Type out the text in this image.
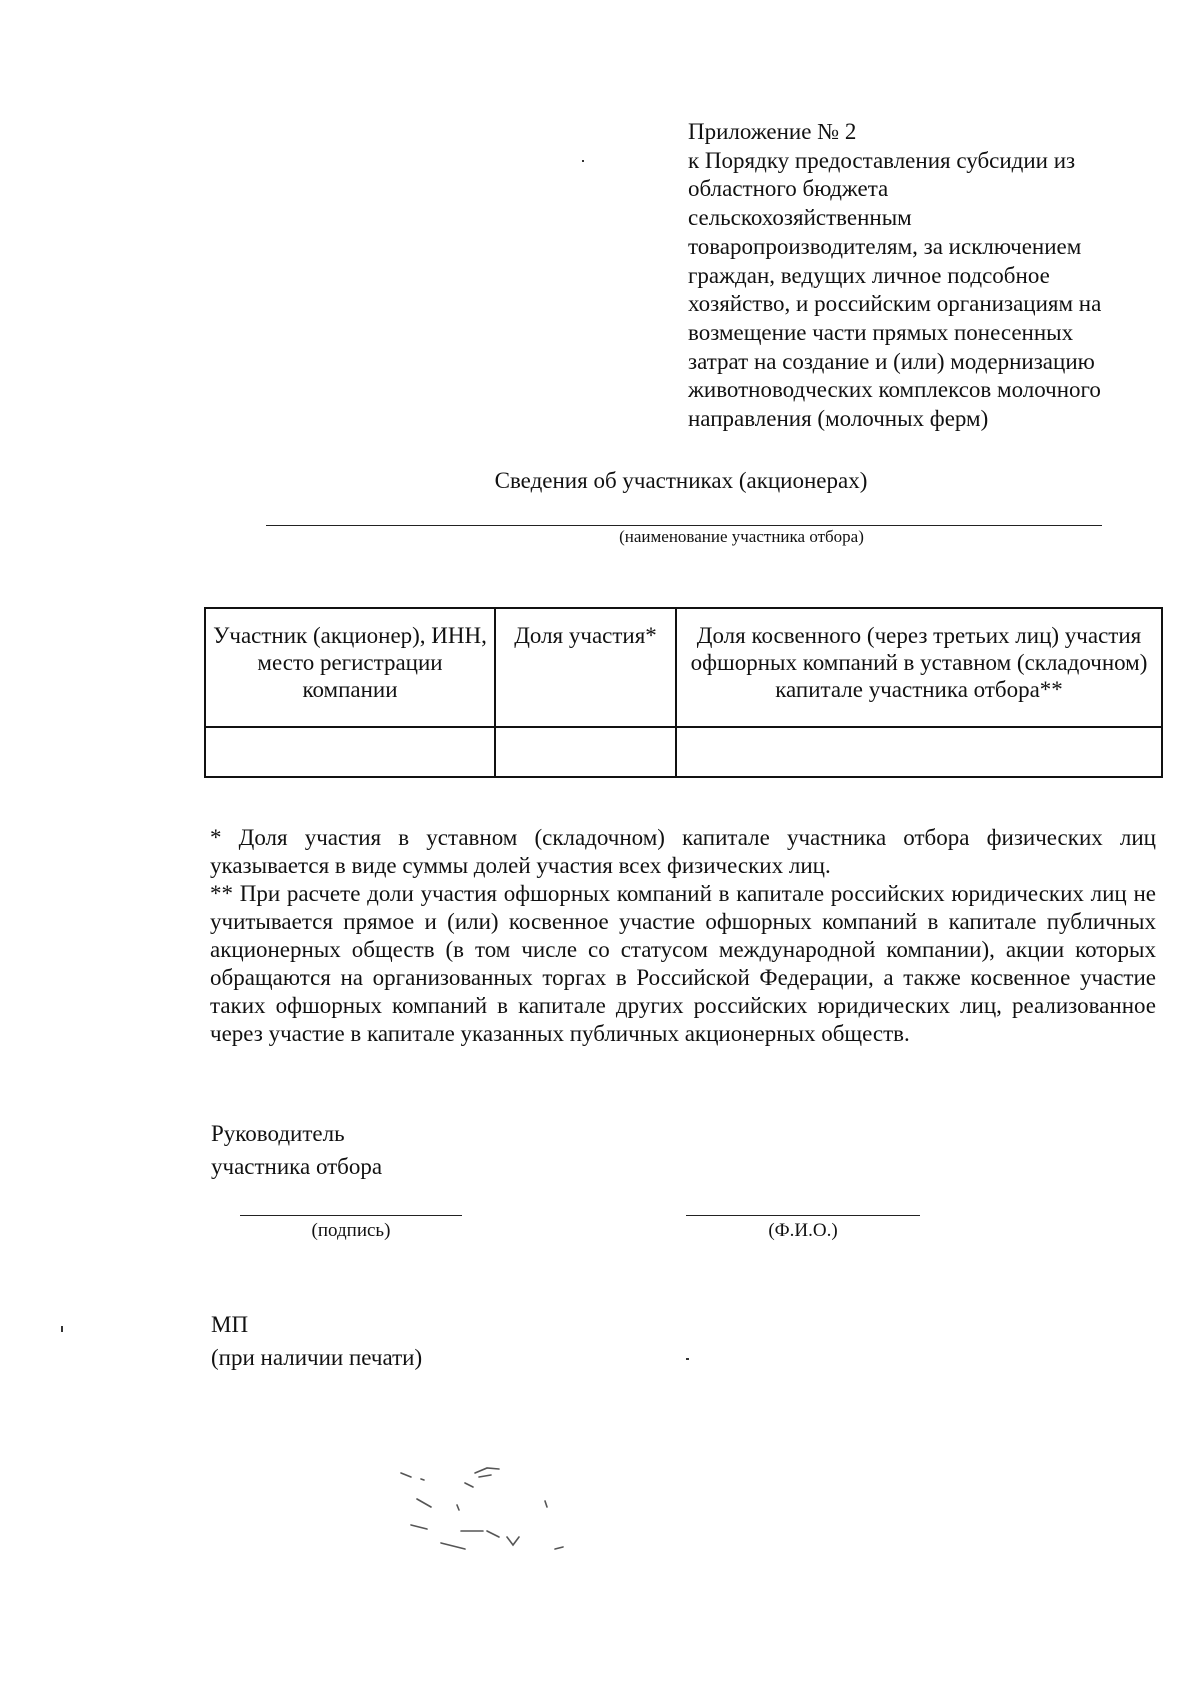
Приложение № 2
к Порядку предоставления субсидии из
областного бюджета
сельскохозяйственным
товаропроизводителям, за исключением
граждан, ведущих личное подсобное
хозяйство, и российским организациям на
возмещение части прямых понесенных
затрат на создание и (или) модернизацию
животноводческих комплексов молочного
направления (молочных ферм)
Сведения об участниках (акционерах)
(наименование участника отбора)
Участник (акционер), ИНН, место регистрации компании	Доля участия*	Доля косвенного (через третьих лиц) участия офшорных компаний в уставном (складочном) капитале участника отбора**

* Доля участия в уставном (складочном) капитале участника отбора физических лиц указывается в виде суммы долей участия всех физических лиц.

** При расчете доли участия офшорных компаний в капитале российских юридических лиц не учитывается прямое и (или) косвенное участие офшорных компаний в капитале публичных акционерных обществ (в том числе со статусом международной компании), акции которых обращаются на организованных торгах в Российской Федерации, а также косвенное участие таких офшорных компаний в капитале других российских юридических лиц, реализованное через участие в капитале указанных публичных акционерных обществ.

Руководитель
участника отбора
(подпись)	(Ф.И.О.)
МП
(при наличии печати)
